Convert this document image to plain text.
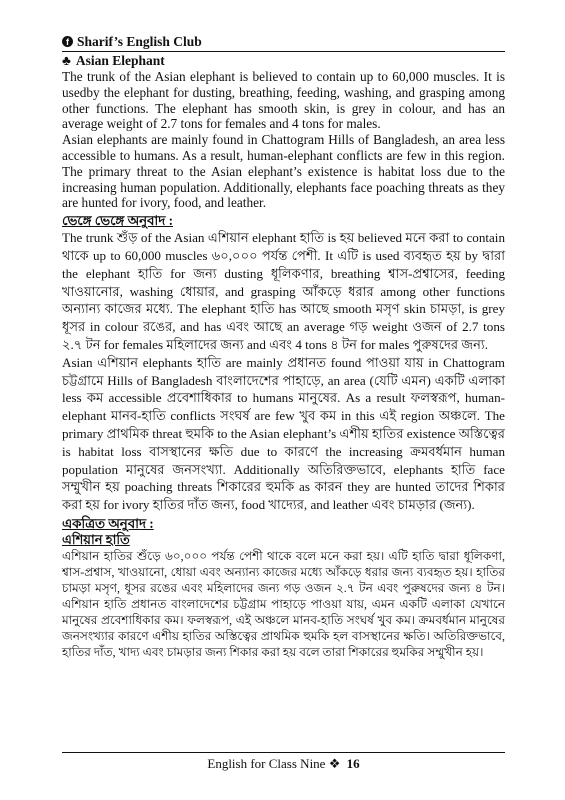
f Sharif’s English Club
♣ Asian Elephant

The trunk of the Asian elephant is believed to contain up to 60,000 muscles. It is usedby the elephant for dusting, breathing, feeding, washing, and grasping among other functions. The elephant has smooth skin, is grey in colour, and has an average weight of 2.7 tons for females and 4 tons for males.

Asian elephants are mainly found in Chattogram Hills of Bangladesh, an area less accessible to humans. As a result, human-elephant conflicts are few in this region. The primary threat to the Asian elephant’s existence is habitat loss due to the increasing human population. Additionally, elephants face poaching threats as they are hunted for ivory, food, and leather.

ভেঙ্গে ভেঙ্গে অনুবাদ :

The trunk শুঁড় of the Asian এশিয়ান elephant হাতি is হয় believed মনে করা to contain থাকে up to 60,000 muscles ৬০,০০০ পর্যন্ত পেশী. It এটি is used ব্যবহৃত হয় by দ্বারা the elephant হাতি for জন্য dusting ধূলিকণার, breathing শ্বাস-প্রশ্বাসের, feeding খাওয়ানোর, washing ধোয়ার, and grasping আঁকড়ে ধরার among other functions অন্যান্য কাজের মধ্যে. The elephant হাতি has আছে smooth মসৃণ skin চামড়া, is grey ধূসর in colour রঙের, and has এবং আছে an average গড় weight ওজন of 2.7 tons ২.৭ টন for females মহিলাদের জন্য and এবং 4 tons ৪ টন for males পুরুষদের জন্য.

Asian এশিয়ান elephants হাতি are mainly প্রধানত found পাওয়া যায় in Chattogram চট্টগ্রামে Hills of Bangladesh বাংলাদেশের পাহাড়ে, an area (যেটি এমন) একটি এলাকা less কম accessible প্রবেশাধিকার to humans মানুষের. As a result ফলস্বরূপ, human-elephant মানব-হাতি conflicts সংঘর্ষ are few খুব কম in this এই region অঞ্চলে. The primary প্রাথমিক threat হুমকি to the Asian elephant’s এশীয় হাতির existence অস্তিত্বের is habitat loss বাসস্থানের ক্ষতি due to কারণে the increasing ক্রমবর্ধমান human population মানুষের জনসংখ্যা. Additionally অতিরিক্তভাবে, elephants হাতি face সম্মুখীন হয় poaching threats শিকারের হুমকি as কারন they are hunted তাদের শিকার করা হয় for ivory হাতির দাঁত জন্য, food খাদ্যের, and leather এবং চামড়ার (জন্য).

একত্রিত অনুবাদ :
এশিয়ান হাতি

এশিয়ান হাতির শুঁড়ে ৬০,০০০ পর্যন্ত পেশী থাকে বলে মনে করা হয়। এটি হাতি দ্বারা ধূলিকণা, শ্বাস-প্রশ্বাস, খাওয়ানো, ধোয়া এবং অন্যান্য কাজের মধ্যে আঁকড়ে ধরার জন্য ব্যবহৃত হয়। হাতির চামড়া মসৃণ, ধূসর রঙের এবং মহিলাদের জন্য গড় ওজন ২.৭ টন এবং পুরুষদের জন্য ৪ টন। এশিয়ান হাতি প্রধানত বাংলাদেশের চট্টগ্রাম পাহাড়ে পাওয়া যায়, এমন একটি এলাকা যেখানে মানুষের প্রবেশাধিকার কম। ফলস্বরূপ, এই অঞ্চলে মানব-হাতি সংঘর্ষ খুব কম। ক্রমবর্ধমান মানুষের জনসংখ্যার কারণে এশীয় হাতির অস্তিত্বের প্রাথমিক হুমকি হল বাসস্থানের ক্ষতি। অতিরিক্তভাবে, হাতির দাঁত, খাদ্য এবং চামড়ার জন্য শিকার করা হয় বলে তারা শিকারের হুমকির সম্মুখীন হয়।

English for Class Nine ❖ 16
